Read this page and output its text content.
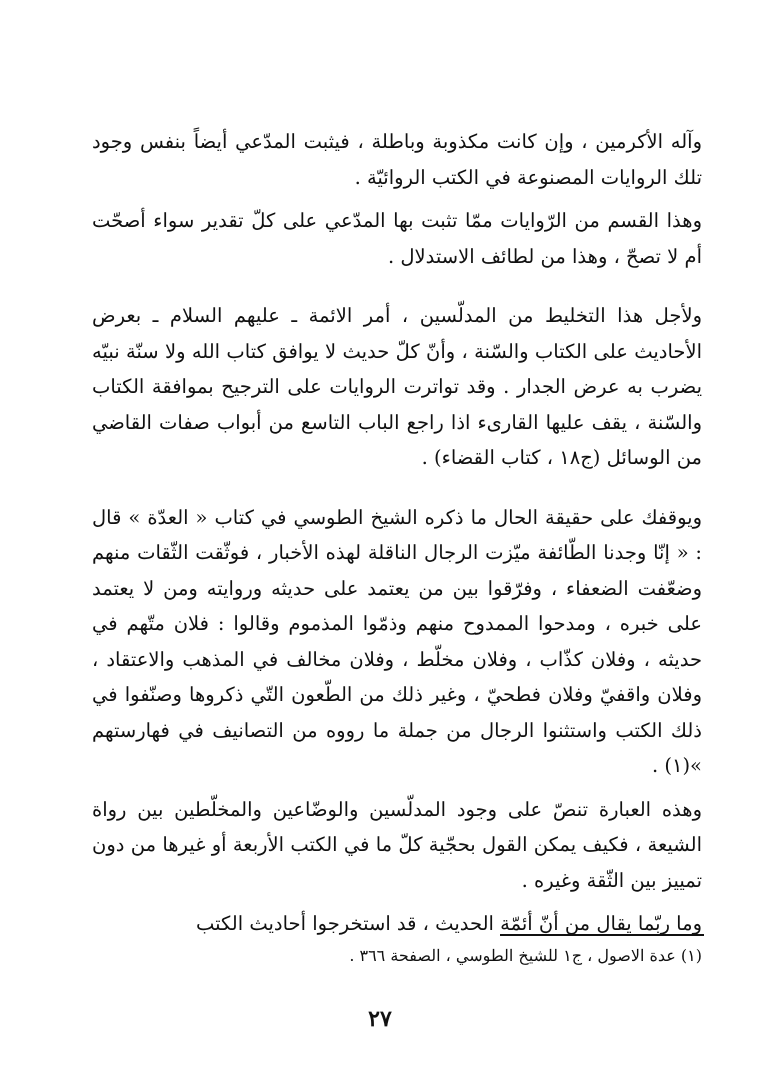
وآله الأكرمين ، وإن كانت مكذوبة وباطلة ، فيثبت المدّعي أيضاً بنفس وجود تلك الروايات المصنوعة في الكتب الروائيّة .

وهذا القسم من الرّوايات ممّا تثبت بها المدّعي على كلّ تقدير سواء أصحّت أم لا تصحّ ، وهذا من لطائف الاستدلال .

ولأجل هذا التخليط من المدلّسين ، أمر الائمة ـ عليهم السلام ـ بعرض الأحاديث على الكتاب والسّنة ، وأنّ كلّ حديث لا يوافق كتاب الله ولا سنّة نبيّه يضرب به عرض الجدار . وقد تواترت الروايات على الترجيح بموافقة الكتاب والسّنة ، يقف عليها القارىء اذا راجع الباب التاسع من أبواب صفات القاضي من الوسائل (ج١٨ ، كتاب القضاء) .

ويوقفك على حقيقة الحال ما ذكره الشيخ الطوسي في كتاب « العدّة » قال : « إنّا وجدنا الطّائفة ميّزت الرجال الناقلة لهذه الأخبار ، فوثّقت الثّقات منهم وضعّفت الضعفاء ، وفرّقوا بين من يعتمد على حديثه وروايته ومن لا يعتمد على خبره ، ومدحوا الممدوح منهم وذمّوا المذموم وقالوا : فلان متّهم في حديثه ، وفلان كذّاب ، وفلان مخلّط ، وفلان مخالف في المذهب والاعتقاد ، وفلان واقفيّ وفلان فطحيّ ، وغير ذلك من الطّعون التّي ذكروها وصنّفوا في ذلك الكتب واستثنوا الرجال من جملة ما رووه من التصانيف في فهارستهم »(١) .

وهذه العبارة تنصّ على وجود المدلّسين والوضّاعين والمخلّطين بين رواة الشيعة ، فكيف يمكن القول بحجّية كلّ ما في الكتب الأربعة أو غيرها من دون تمييز بين الثّقة وغيره .

وما ربّما يقال من أنّ أئمّة الحديث ، قد استخرجوا أحاديث الكتب

(١) عدة الاصول ، ج١ للشيخ الطوسي ، الصفحة ٣٦٦ .

٢٧
